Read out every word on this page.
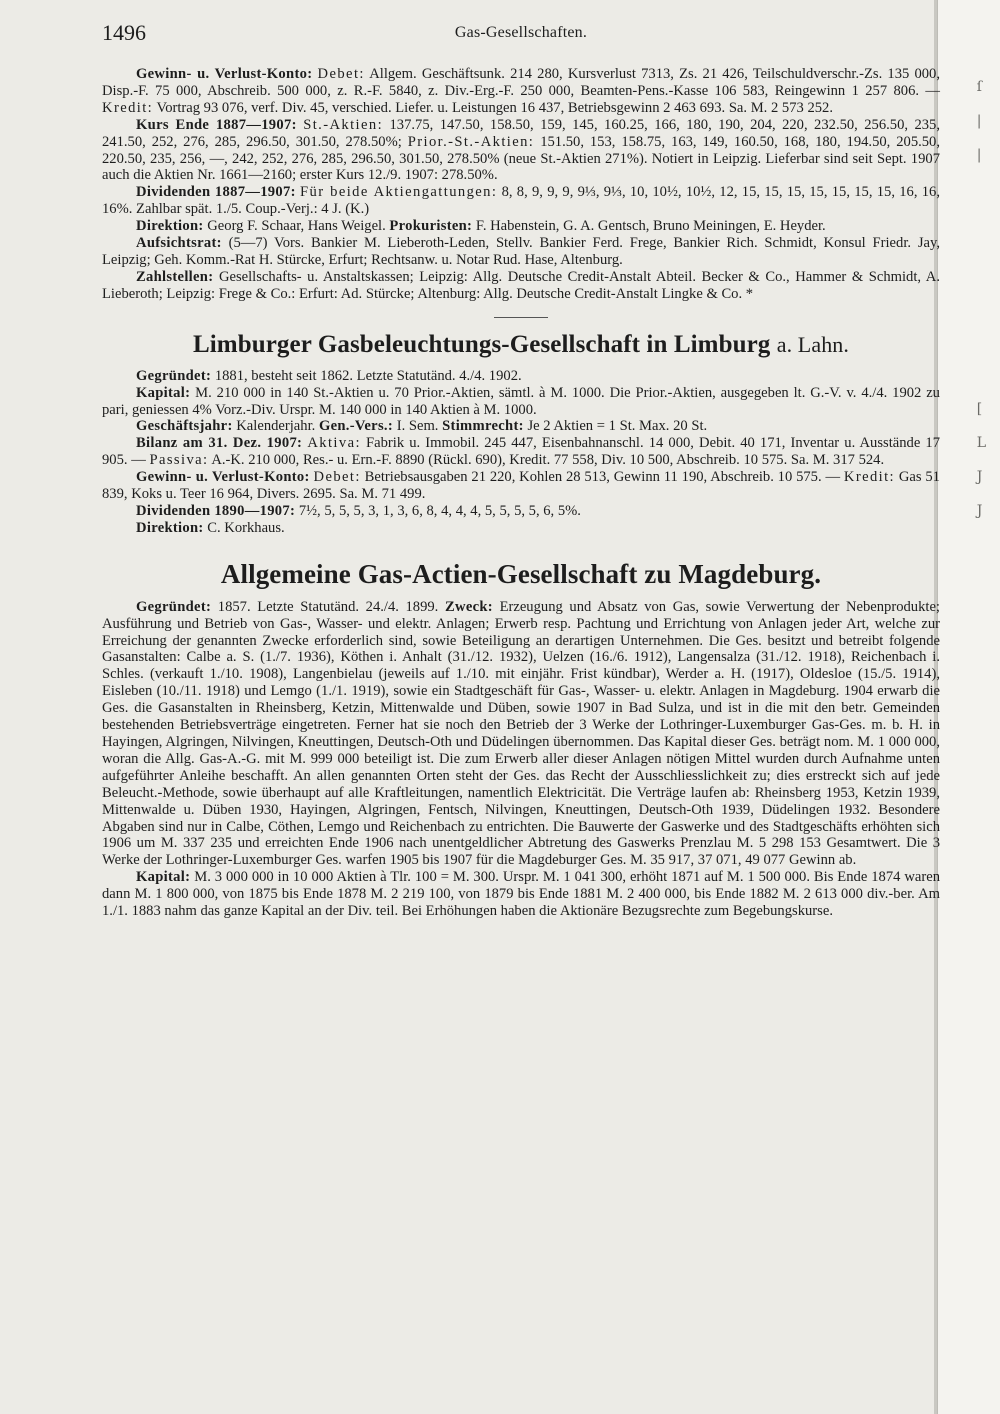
ſ
|
|
[
L
J
J
1496	Gas-Gesellschaften.

Gewinn- u. Verlust-Konto: Debet: Allgem. Geschäftsunk. 214 280, Kursverlust 7313, Zs. 21 426, Teilschuldverschr.-Zs. 135 000, Disp.-F. 75 000, Abschreib. 500 000, z. R.-F. 5840, z. Div.-Erg.-F. 250 000, Beamten-Pens.-Kasse 106 583, Reingewinn 1 257 806. — Kredit: Vortrag 93 076, verf. Div. 45, verschied. Liefer. u. Leistungen 16 437, Betriebsgewinn 2 463 693. Sa. M. 2 573 252.

Kurs Ende 1887—1907: St.-Aktien: 137.75, 147.50, 158.50, 159, 145, 160.25, 166, 180, 190, 204, 220, 232.50, 256.50, 235, 241.50, 252, 276, 285, 296.50, 301.50, 278.50%; Prior.-St.-Aktien: 151.50, 153, 158.75, 163, 149, 160.50, 168, 180, 194.50, 205.50, 220.50, 235, 256, —, 242, 252, 276, 285, 296.50, 301.50, 278.50% (neue St.-Aktien 271%). Notiert in Leipzig. Lieferbar sind seit Sept. 1907 auch die Aktien Nr. 1661—2160; erster Kurs 12./9. 1907: 278.50%.

Dividenden 1887—1907: Für beide Aktiengattungen: 8, 8, 9, 9, 9, 9⅓, 9⅓, 10, 10½, 10½, 12, 15, 15, 15, 15, 15, 15, 15, 16, 16, 16%. Zahlbar spät. 1./5. Coup.-Verj.: 4 J. (K.)

Direktion: Georg F. Schaar, Hans Weigel. Prokuristen: F. Habenstein, G. A. Gentsch, Bruno Meiningen, E. Heyder.

Aufsichtsrat: (5—7) Vors. Bankier M. Lieberoth-Leden, Stellv. Bankier Ferd. Frege, Bankier Rich. Schmidt, Konsul Friedr. Jay, Leipzig; Geh. Komm.-Rat H. Stürcke, Erfurt; Rechtsanw. u. Notar Rud. Hase, Altenburg.

Zahlstellen: Gesellschafts- u. Anstaltskassen; Leipzig: Allg. Deutsche Credit-Anstalt Abteil. Becker & Co., Hammer & Schmidt, A. Lieberoth; Leipzig: Frege & Co.: Erfurt: Ad. Stürcke; Altenburg: Allg. Deutsche Credit-Anstalt Lingke & Co. *

Limburger Gasbeleuchtungs-Gesellschaft in Limburg a. Lahn.

Gegründet: 1881, besteht seit 1862. Letzte Statutänd. 4./4. 1902.

Kapital: M. 210 000 in 140 St.-Aktien u. 70 Prior.-Aktien, sämtl. à M. 1000. Die Prior.-Aktien, ausgegeben lt. G.-V. v. 4./4. 1902 zu pari, geniessen 4% Vorz.-Div. Urspr. M. 140 000 in 140 Aktien à M. 1000.

Geschäftsjahr: Kalenderjahr. Gen.-Vers.: I. Sem. Stimmrecht: Je 2 Aktien = 1 St. Max. 20 St.

Bilanz am 31. Dez. 1907: Aktiva: Fabrik u. Immobil. 245 447, Eisenbahnanschl. 14 000, Debit. 40 171, Inventar u. Ausstände 17 905. — Passiva: A.-K. 210 000, Res.- u. Ern.-F. 8890 (Rückl. 690), Kredit. 77 558, Div. 10 500, Abschreib. 10 575. Sa. M. 317 524.

Gewinn- u. Verlust-Konto: Debet: Betriebsausgaben 21 220, Kohlen 28 513, Gewinn 11 190, Abschreib. 10 575. — Kredit: Gas 51 839, Koks u. Teer 16 964, Divers. 2695. Sa. M. 71 499.

Dividenden 1890—1907: 7½, 5, 5, 5, 3, 1, 3, 6, 8, 4, 4, 4, 5, 5, 5, 5, 6, 5%.

Direktion: C. Korkhaus.

Allgemeine Gas-Actien-Gesellschaft zu Magdeburg.

Gegründet: 1857. Letzte Statutänd. 24./4. 1899. Zweck: Erzeugung und Absatz von Gas, sowie Verwertung der Nebenprodukte; Ausführung und Betrieb von Gas-, Wasser- und elektr. Anlagen; Erwerb resp. Pachtung und Errichtung von Anlagen jeder Art, welche zur Erreichung der genannten Zwecke erforderlich sind, sowie Beteiligung an derartigen Unternehmen. Die Ges. besitzt und betreibt folgende Gasanstalten: Calbe a. S. (1./7. 1936), Köthen i. Anhalt (31./12. 1932), Uelzen (16./6. 1912), Langensalza (31./12. 1918), Reichenbach i. Schles. (verkauft 1./10. 1908), Langenbielau (jeweils auf 1./10. mit einjähr. Frist kündbar), Werder a. H. (1917), Oldesloe (15./5. 1914), Eisleben (10./11. 1918) und Lemgo (1./1. 1919), sowie ein Stadtgeschäft für Gas-, Wasser- u. elektr. Anlagen in Magdeburg. 1904 erwarb die Ges. die Gasanstalten in Rheinsberg, Ketzin, Mittenwalde und Düben, sowie 1907 in Bad Sulza, und ist in die mit den betr. Gemeinden bestehenden Betriebsverträge eingetreten. Ferner hat sie noch den Betrieb der 3 Werke der Lothringer-Luxemburger Gas-Ges. m. b. H. in Hayingen, Algringen, Nilvingen, Kneuttingen, Deutsch-Oth und Düdelingen übernommen. Das Kapital dieser Ges. beträgt nom. M. 1 000 000, woran die Allg. Gas-A.-G. mit M. 999 000 beteiligt ist. Die zum Erwerb aller dieser Anlagen nötigen Mittel wurden durch Aufnahme unten aufgeführter Anleihe beschafft. An allen genannten Orten steht der Ges. das Recht der Ausschliesslichkeit zu; dies erstreckt sich auf jede Beleucht.-Methode, sowie überhaupt auf alle Kraftleitungen, namentlich Elektricität. Die Verträge laufen ab: Rheinsberg 1953, Ketzin 1939, Mittenwalde u. Düben 1930, Hayingen, Algringen, Fentsch, Nilvingen, Kneuttingen, Deutsch-Oth 1939, Düdelingen 1932. Besondere Abgaben sind nur in Calbe, Cöthen, Lemgo und Reichenbach zu entrichten. Die Bauwerte der Gaswerke und des Stadtgeschäfts erhöhten sich 1906 um M. 337 235 und erreichten Ende 1906 nach unentgeldlicher Abtretung des Gaswerks Prenzlau M. 5 298 153 Gesamtwert. Die 3 Werke der Lothringer-Luxemburger Ges. warfen 1905 bis 1907 für die Magdeburger Ges. M. 35 917, 37 071, 49 077 Gewinn ab.

Kapital: M. 3 000 000 in 10 000 Aktien à Tlr. 100 = M. 300. Urspr. M. 1 041 300, erhöht 1871 auf M. 1 500 000. Bis Ende 1874 waren dann M. 1 800 000, von 1875 bis Ende 1878 M. 2 219 100, von 1879 bis Ende 1881 M. 2 400 000, bis Ende 1882 M. 2 613 000 div.-ber. Am 1./1. 1883 nahm das ganze Kapital an der Div. teil. Bei Erhöhungen haben die Aktionäre Bezugsrechte zum Begebungskurse.
